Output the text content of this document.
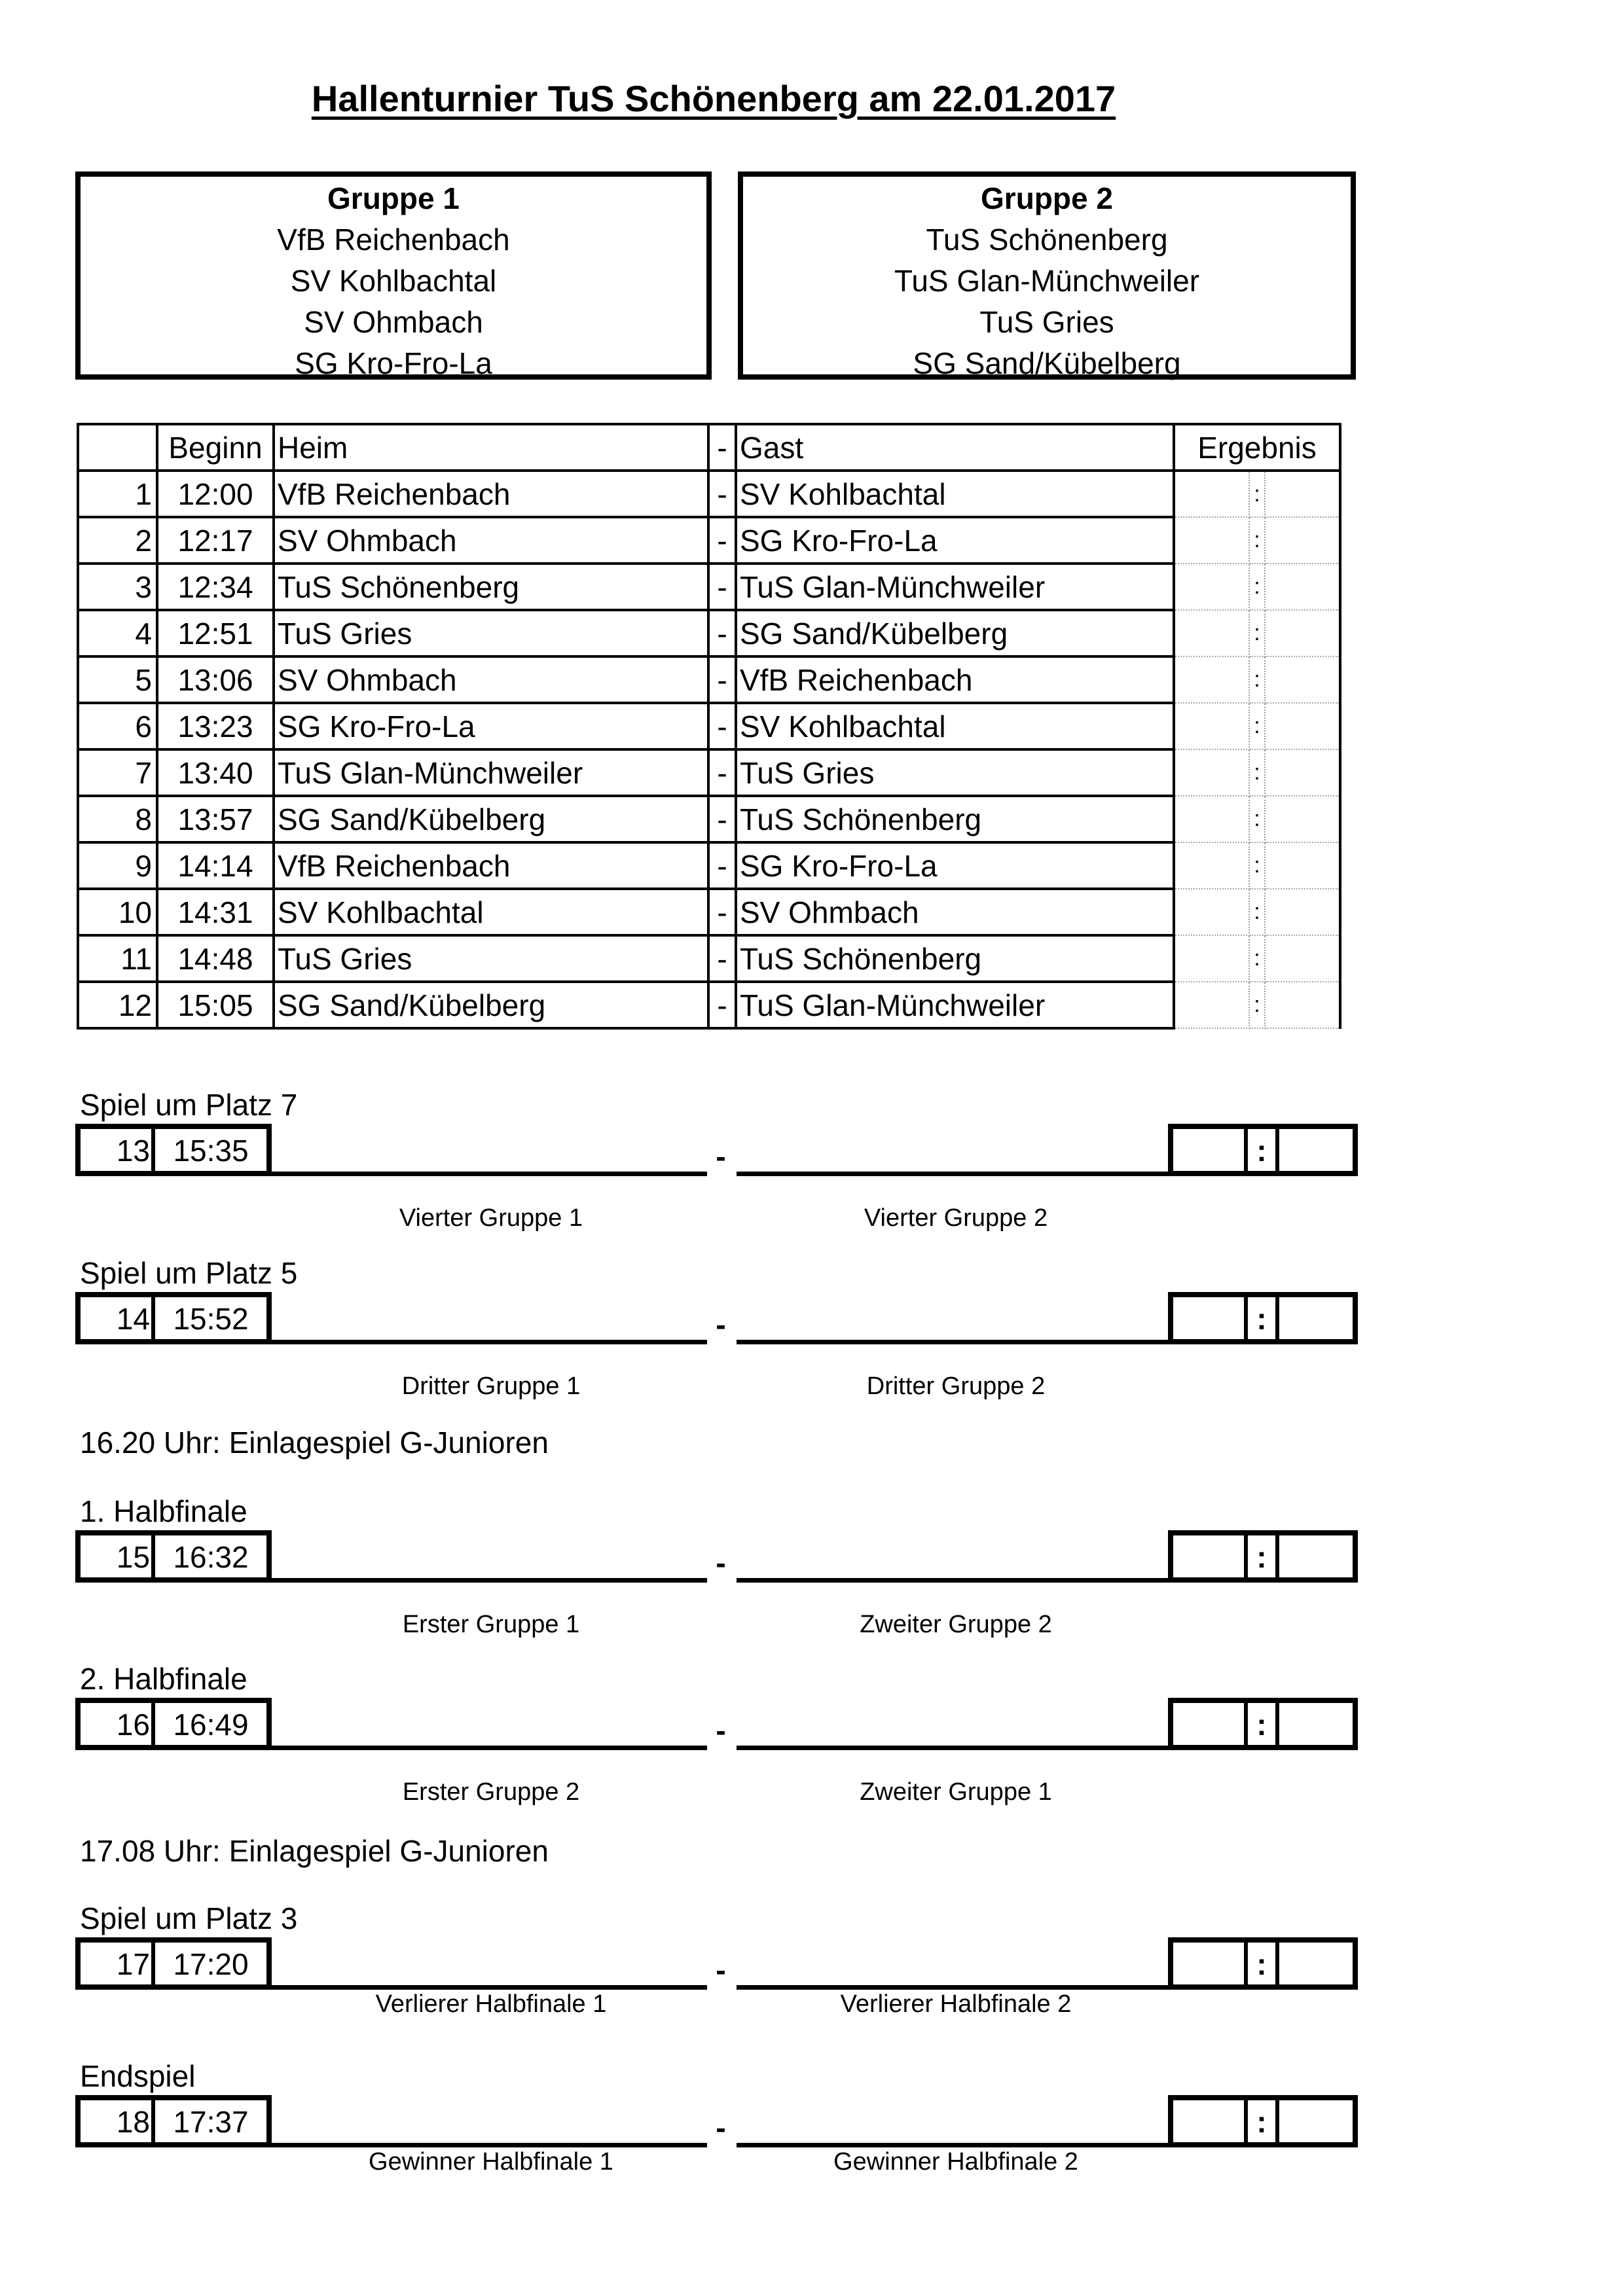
Hallenturnier TuS Schönenberg am 22.01.2017
Gruppe 1
VfB Reichenbach
SV Kohlbachtal
SV Ohmbach
SG Kro-Fro-La
Gruppe 2
TuS Schönenberg
TuS Glan-Münchweiler
TuS Gries
SG Sand/Kübelberg
	Beginn	Heim	-	Gast	Ergebnis		
1	12:00	VfB Reichenbach	-	SV Kohlbachtal		:	
2	12:17	SV Ohmbach	-	SG Kro-Fro-La		:	
3	12:34	TuS Schönenberg	-	TuS Glan-Münchweiler		:	
4	12:51	TuS Gries	-	SG Sand/Kübelberg		:	
5	13:06	SV Ohmbach	-	VfB Reichenbach		:	
6	13:23	SG Kro-Fro-La	-	SV Kohlbachtal		:	
7	13:40	TuS Glan-Münchweiler	-	TuS Gries		:	
8	13:57	SG Sand/Kübelberg	-	TuS Schönenberg		:	
9	14:14	VfB Reichenbach	-	SG Kro-Fro-La		:	
10	14:31	SV Kohlbachtal	-	SV Ohmbach		:	
11	14:48	TuS Gries	-	TuS Schönenberg		:	
12	15:05	SG Sand/Kübelberg	-	TuS Glan-Münchweiler		:	
Spiel um Platz 7
13 15:35	-	:
Vierter Gruppe 1	Vierter Gruppe 2
Spiel um Platz 5
14 15:52	-	:
Dritter Gruppe 1	Dritter Gruppe 2
1. Halbfinale
15 16:32	-	:
Erster Gruppe 1	Zweiter Gruppe 2
2. Halbfinale
16 16:49	-	:
Erster Gruppe 2	Zweiter Gruppe 1
Spiel um Platz 3
17 17:20	-	:
Verlierer Halbfinale 1	Verlierer Halbfinale 2
Endspiel
18 17:37	-	:
Gewinner Halbfinale 1	Gewinner Halbfinale 2
16.20 Uhr: Einlagespiel G-Junioren
17.08 Uhr: Einlagespiel G-Junioren
